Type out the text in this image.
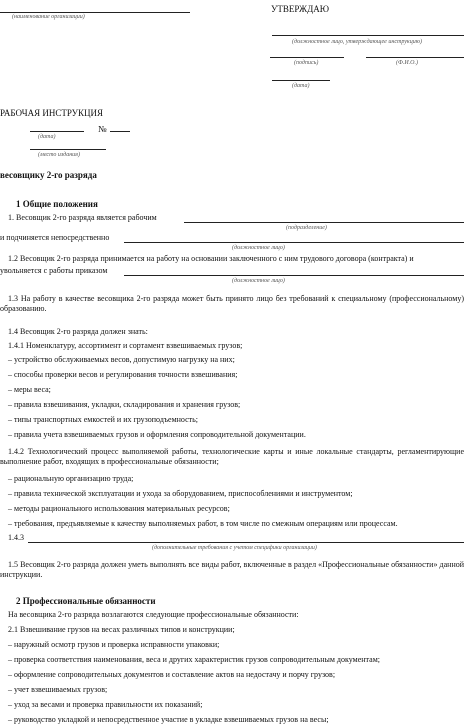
(наименование организации)
УТВЕРЖДАЮ
(должностное лицо, утверждающее инструкцию)
(подпись)	(Ф.И.О.)
(дата)
РАБОЧАЯ ИНСТРУКЦИЯ
№
(дата)
(место издания)
весовщику 2-го разряда
1 Общие положения
1. Весовщик 2-го разряда является рабочим
(подразделение)
и подчиняется непосредственно
(должностное лицо)
1.2 Весовщик 2-го разряда принимается на работу на основании заключенного с ним трудового договора (контракта) и
увольняется с работы приказом
(должностное лицо)
1.3 На работу в качестве весовщика 2-го разряда может быть принято лицо без требований к специальному (профессиональному) образованию.
1.4 Весовщик 2-го разряда должен знать:
1.4.1 Номенклатуру, ассортимент и сортамент взвешиваемых грузов;
– устройство обслуживаемых весов, допустимую нагрузку на них;
– способы проверки весов и регулирования точности взвешивания;
– меры веса;
– правила взвешивания, укладки, складирования и хранения грузов;
– типы транспортных емкостей и их грузоподъемность;
– правила учета взвешиваемых грузов и оформления сопроводительной документации.
1.4.2 Технологический процесс выполняемой работы, технологические карты и иные локальные стандарты, регламентирующие выполнение работ, входящих в профессиональные обязанности;
– рациональную организацию труда;
– правила технической эксплуатации и ухода за оборудованием, приспособлениями и инструментом;
– методы рационального использования материальных ресурсов;
– требования, предъявляемые к качеству выполняемых работ, в том числе по смежным операциям или процессам.
1.4.3
(дополнительные требования с учетом специфики организации)
1.5 Весовщик 2-го разряда должен уметь выполнять все виды работ, включенные в раздел «Профессиональные обязанности» данной инструкции.
2 Профессиональные обязанности
На весовщика 2-го разряда возлагаются следующие профессиональные обязанности:
2.1 Взвешивание грузов на весах различных типов и конструкции;
– наружный осмотр грузов и проверка исправности упаковки;
– проверка соответствия наименования, веса и других характеристик грузов сопроводительным документам;
– оформление сопроводительных документов и составление актов на недостачу и порчу грузов;
– учет взвешиваемых грузов;
– уход за весами и проверка правильности их показаний;
– руководство укладкой и непосредственное участие в укладке взвешиваемых грузов на весы;
